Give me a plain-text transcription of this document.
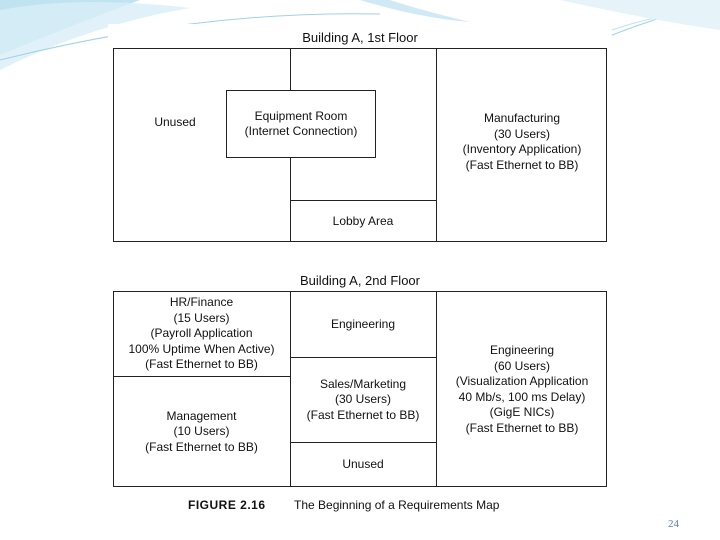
Building A, 1st Floor
Unused	Equipment Room
(Internet Connection)
Lobby Area
Manufacturing
(30 Users)
(Inventory Application)
(Fast Ethernet to BB)
Building A, 2nd Floor
HR/Finance
(15 Users)
(Payroll Application
100% Uptime When Active)
(Fast Ethernet to BB)
Management
(10 Users)
(Fast Ethernet to BB)
Engineering
Sales/Marketing
(30 Users)
(Fast Ethernet to BB)
Unused
Engineering
(60 Users)
(Visualization Application
40 Mb/s, 100 ms Delay)
(GigE NICs)
(Fast Ethernet to BB)
FIGURE 2.16 The Beginning of a Requirements Map
24
